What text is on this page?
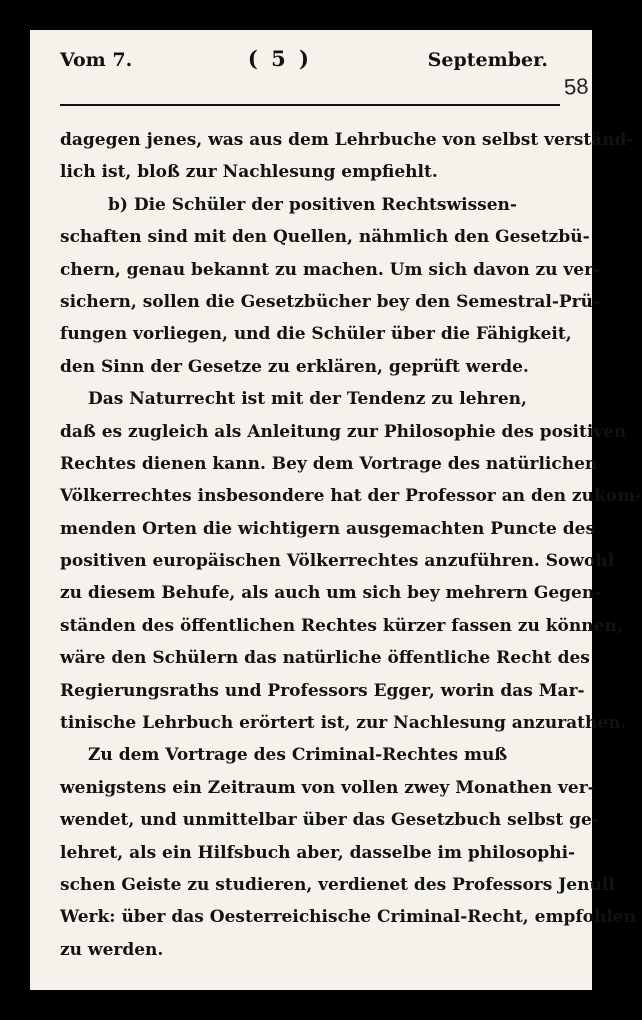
Vom 7.	( 5 )	September.
58
dagegen jenes, was aus dem Lehrbuche von selbst verständ-
lich ist, bloß zur Nachlesung empfiehlt.
b) Die Schüler der positiven Rechtswissen-
schaften sind mit den Quellen, nähmlich den Gesetzbü-
chern, genau bekannt zu machen. Um sich davon zu ver-
sichern, sollen die Gesetzbücher bey den Semestral-Prü-
fungen vorliegen, und die Schüler über die Fähigkeit,
den Sinn der Gesetze zu erklären, geprüft werde.
Das Naturrecht ist mit der Tendenz zu lehren,
daß es zugleich als Anleitung zur Philosophie des positiven
Rechtes dienen kann. Bey dem Vortrage des natürlichen
Völkerrechtes insbesondere hat der Professor an den zukom-
menden Orten die wichtigern ausgemachten Puncte des
positiven europäischen Völkerrechtes anzuführen. Sowohl
zu diesem Behufe, als auch um sich bey mehrern Gegen-
ständen des öffentlichen Rechtes kürzer fassen zu können,
wäre den Schülern das natürliche öffentliche Recht des
Regierungsraths und Professors Egger, worin das Mar-
tinische Lehrbuch erörtert ist, zur Nachlesung anzurathen.
Zu dem Vortrage des Criminal-Rechtes muß
wenigstens ein Zeitraum von vollen zwey Monathen ver-
wendet, und unmittelbar über das Gesetzbuch selbst ge-
lehret, als ein Hilfsbuch aber, dasselbe im philosophi-
schen Geiste zu studieren, verdienet des Professors Jenull
Werk: über das Oesterreichische Criminal-Recht, empfohlen
zu werden.
